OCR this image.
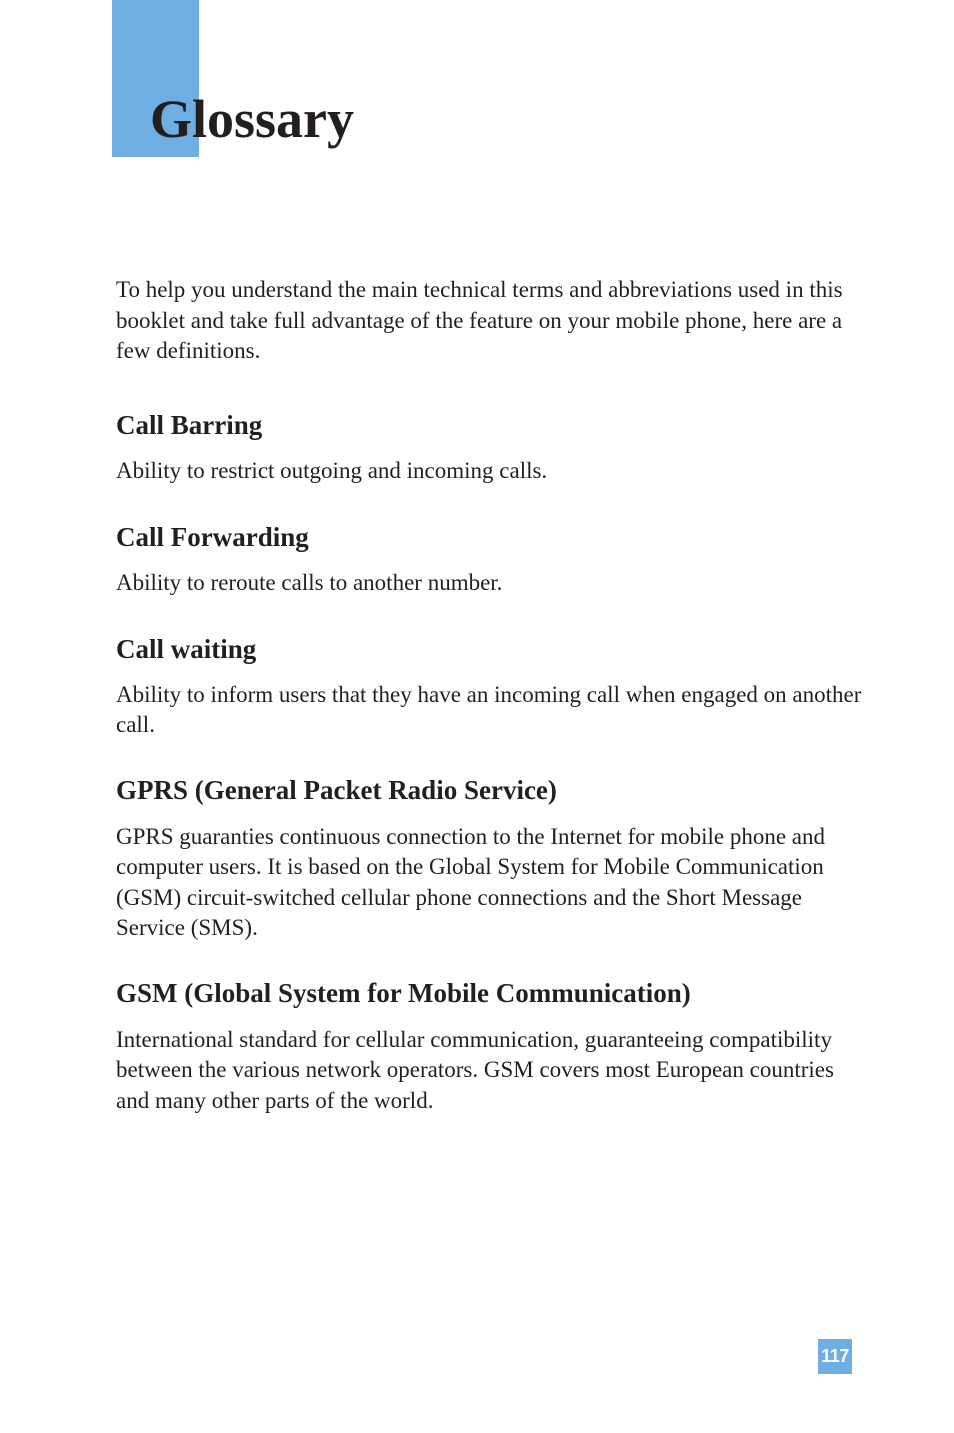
Glossary

To help you understand the main technical terms and abbreviations used in this booklet and take full advantage of the feature on your mobile phone, here are a few definitions.

Call Barring

Ability to restrict outgoing and incoming calls.

Call Forwarding

Ability to reroute calls to another number.

Call waiting

Ability to inform users that they have an incoming call when engaged on another call.

GPRS (General Packet Radio Service)

GPRS guaranties continuous connection to the Internet for mobile phone and computer users. It is based on the Global System for Mobile Communication (GSM) circuit-switched cellular phone connections and the Short Message Service (SMS).

GSM (Global System for Mobile Communication)

International standard for cellular communication, guaranteeing compatibility between the various network operators. GSM covers most European countries and many other parts of the world.

117
